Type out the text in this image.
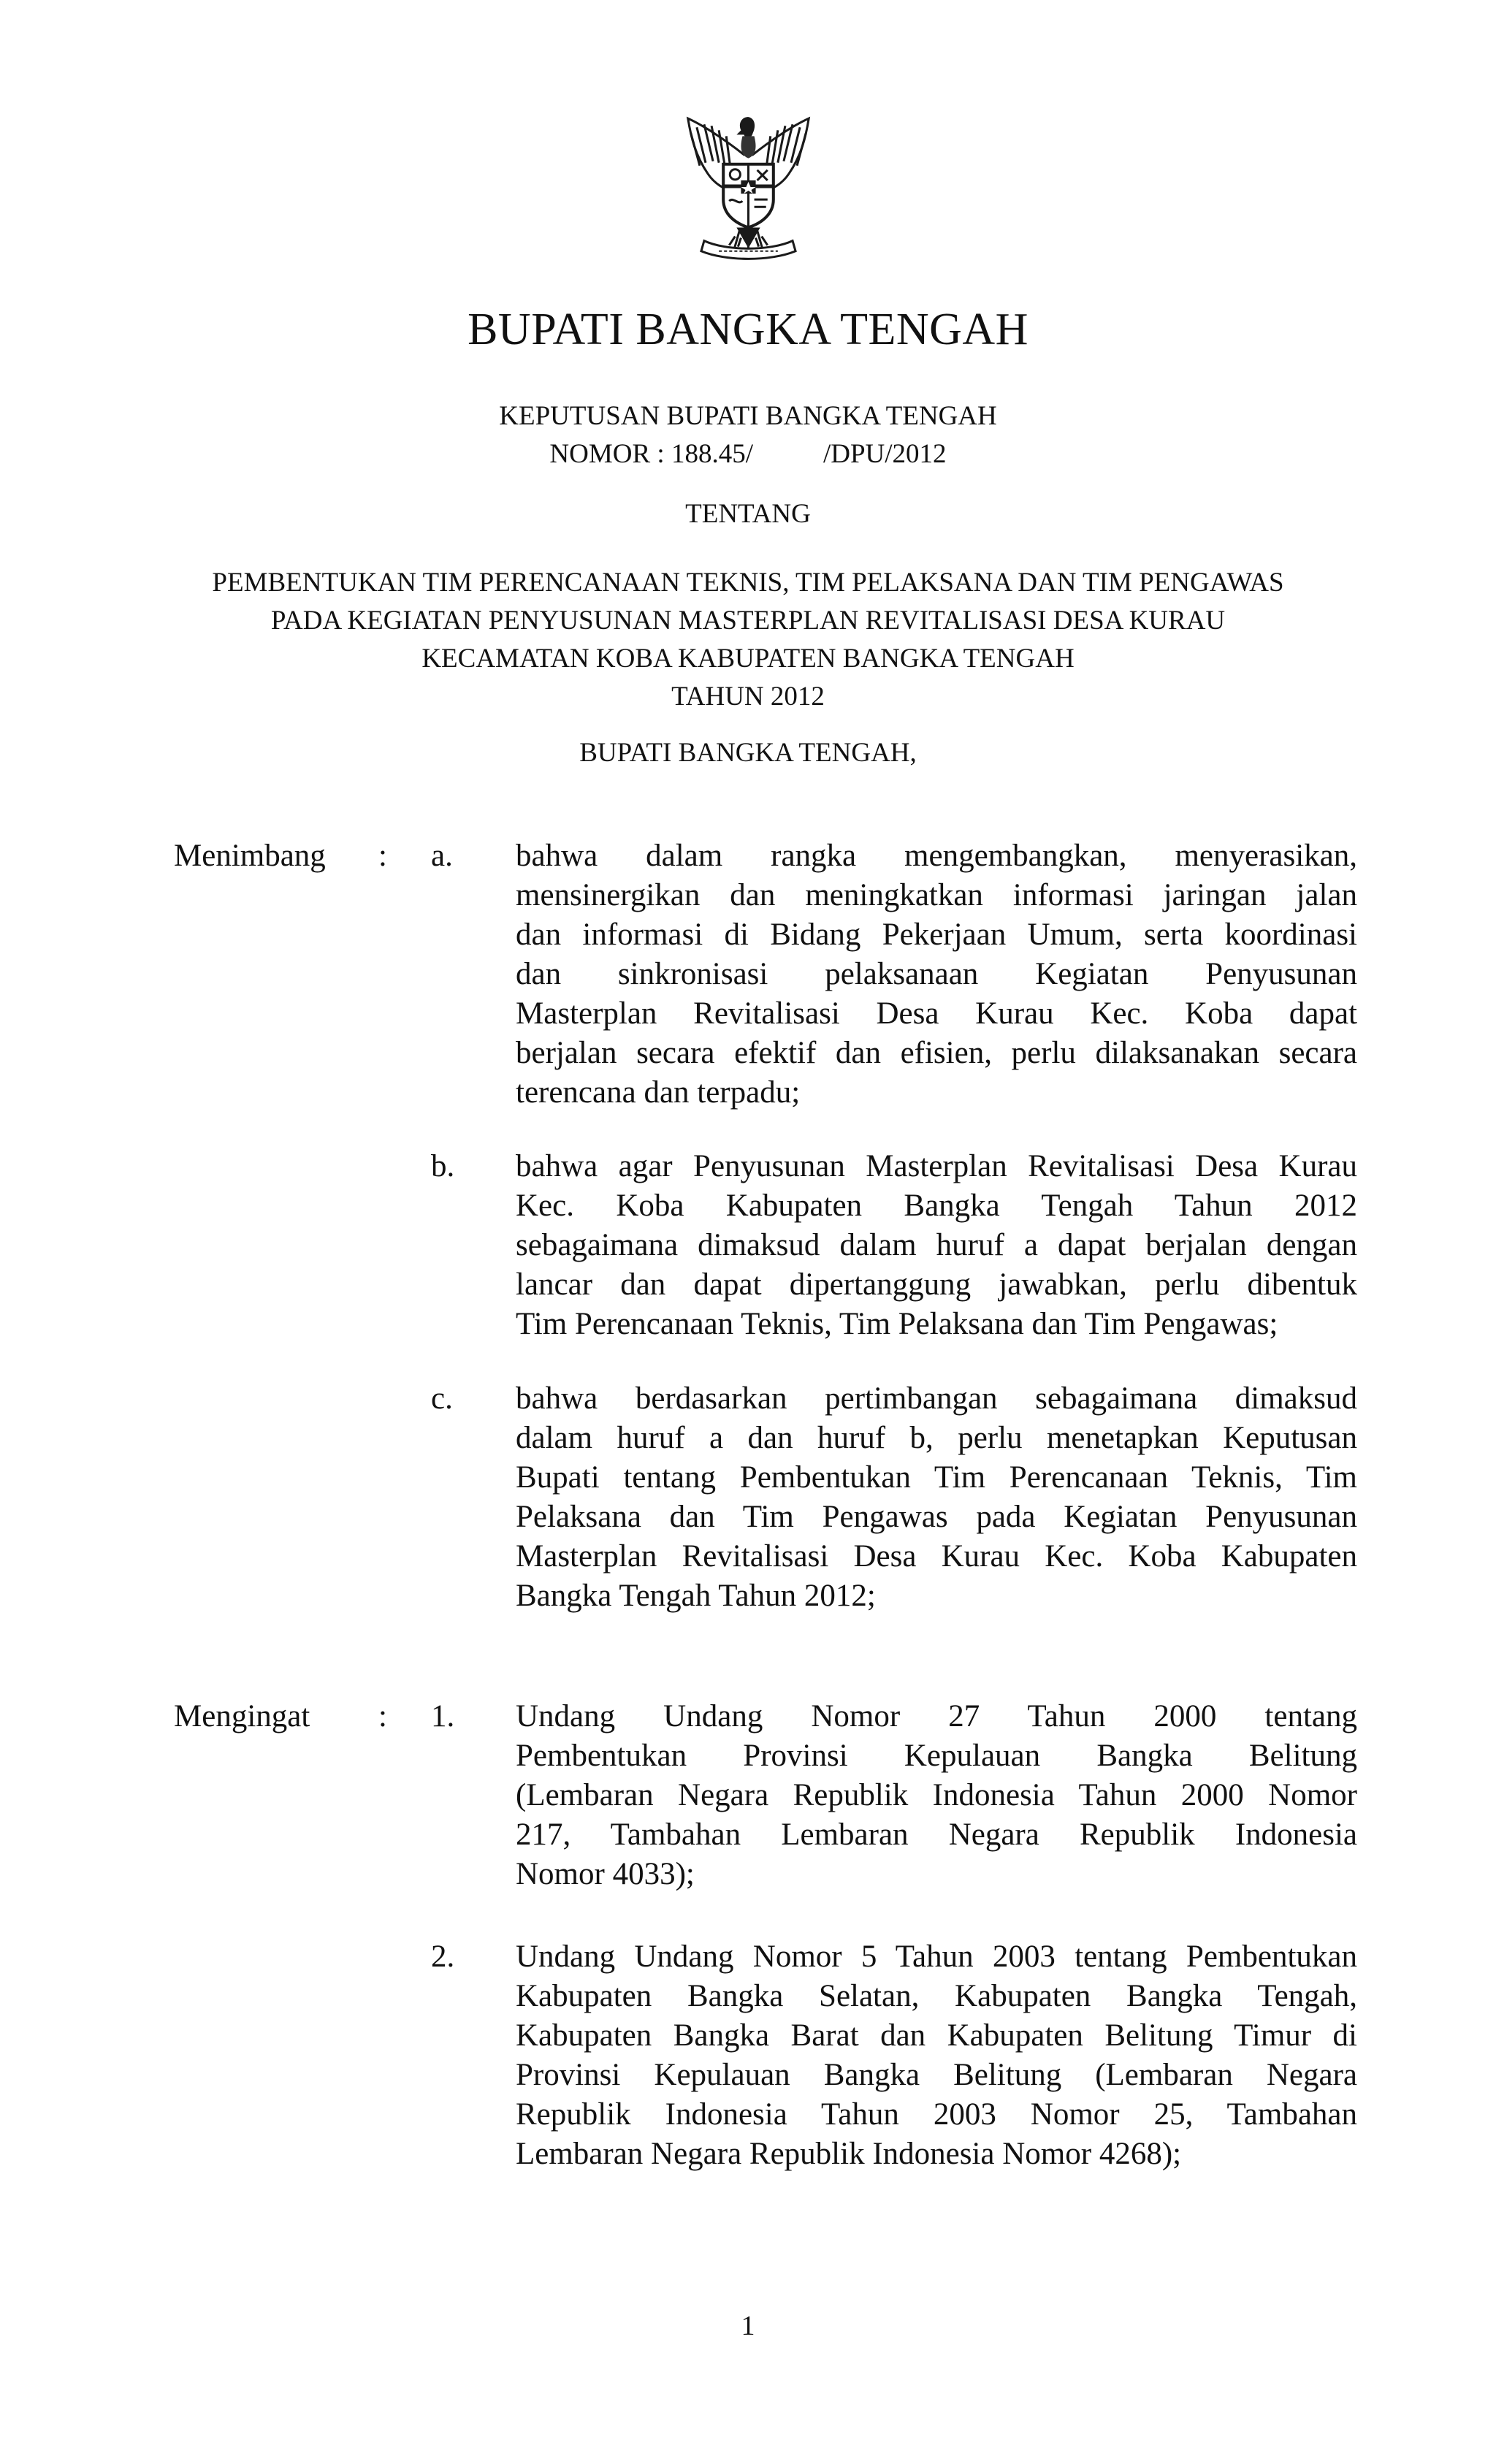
BUPATI BANGKA TENGAH
KEPUTUSAN BUPATI BANGKA TENGAH
NOMOR : 188.45/	/DPU/2012
TENTANG
PEMBENTUKAN TIM PERENCANAAN TEKNIS, TIM PELAKSANA DAN TIM PENGAWAS
PADA KEGIATAN PENYUSUNAN MASTERPLAN REVITALISASI DESA KURAU
KECAMATAN KOBA KABUPATEN BANGKA TENGAH
TAHUN 2012
BUPATI BANGKA TENGAH,
Menimbang : a. bahwa dalam rangka mengembangkan, menyerasikan,
mensinergikan dan meningkatkan informasi jaringan jalan
dan informasi di Bidang Pekerjaan Umum, serta koordinasi
dan sinkronisasi pelaksanaan Kegiatan Penyusunan
Masterplan Revitalisasi Desa Kurau Kec. Koba dapat
berjalan secara efektif dan efisien, perlu dilaksanakan secara
terencana dan terpadu;
b. bahwa agar Penyusunan Masterplan Revitalisasi Desa Kurau
Kec. Koba Kabupaten Bangka Tengah Tahun 2012
sebagaimana dimaksud dalam huruf a dapat berjalan dengan
lancar dan dapat dipertanggung jawabkan, perlu dibentuk
Tim Perencanaan Teknis, Tim Pelaksana dan Tim Pengawas;
c. bahwa berdasarkan pertimbangan sebagaimana dimaksud
dalam huruf a dan huruf b, perlu menetapkan Keputusan
Bupati tentang Pembentukan Tim Perencanaan Teknis, Tim
Pelaksana dan Tim Pengawas pada Kegiatan Penyusunan
Masterplan Revitalisasi Desa Kurau Kec. Koba Kabupaten
Bangka Tengah Tahun 2012;
Mengingat : 1. Undang Undang Nomor 27 Tahun 2000 tentang
Pembentukan Provinsi Kepulauan Bangka Belitung
(Lembaran Negara Republik Indonesia Tahun 2000 Nomor
217, Tambahan Lembaran Negara Republik Indonesia
Nomor 4033);
2. Undang Undang Nomor 5 Tahun 2003 tentang Pembentukan
Kabupaten Bangka Selatan, Kabupaten Bangka Tengah,
Kabupaten Bangka Barat dan Kabupaten Belitung Timur di
Provinsi Kepulauan Bangka Belitung (Lembaran Negara
Republik Indonesia Tahun 2003 Nomor 25, Tambahan
Lembaran Negara Republik Indonesia Nomor 4268);
1
